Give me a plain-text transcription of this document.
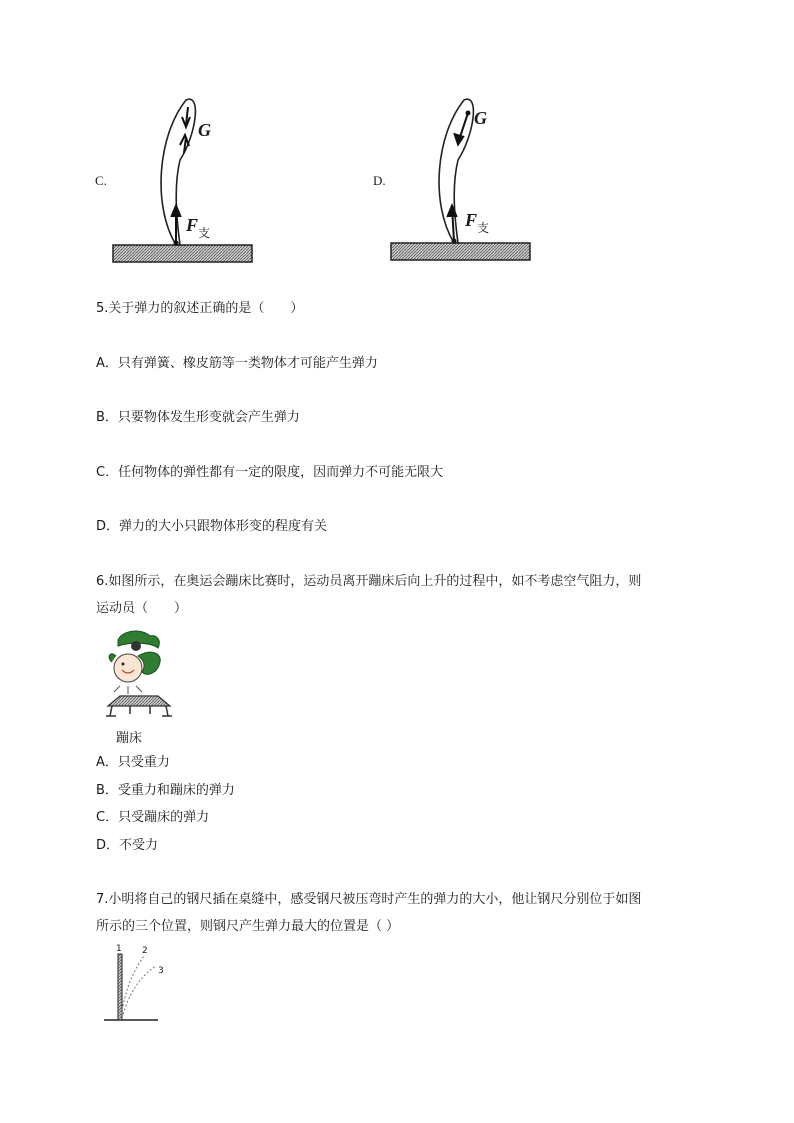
C.
G
$F_支$
D.
G
$F_支$
5.关于弹力的叙述正确的是（　　）
A．只有弹簧、橡皮筋等一类物体才可能产生弹力
B．只要物体发生形变就会产生弹力
C．任何物体的弹性都有一定的限度，因而弹力不可能无限大
D．弹力的大小只跟物体形变的程度有关
6.如图所示，在奥运会蹦床比赛时，运动员离开蹦床后向上升的过程中，如不考虑空气阻力，则
运动员（　　）
蹦床
A．只受重力
B．受重力和蹦床的弹力
C．只受蹦床的弹力
D．不受力
7.小明将自己的钢尺插在桌缝中，感受钢尺被压弯时产生的弹力的大小，他让钢尺分别位于如图
所示的三个位置，则钢尺产生弹力最大的位置是（ ）
1 2
3
